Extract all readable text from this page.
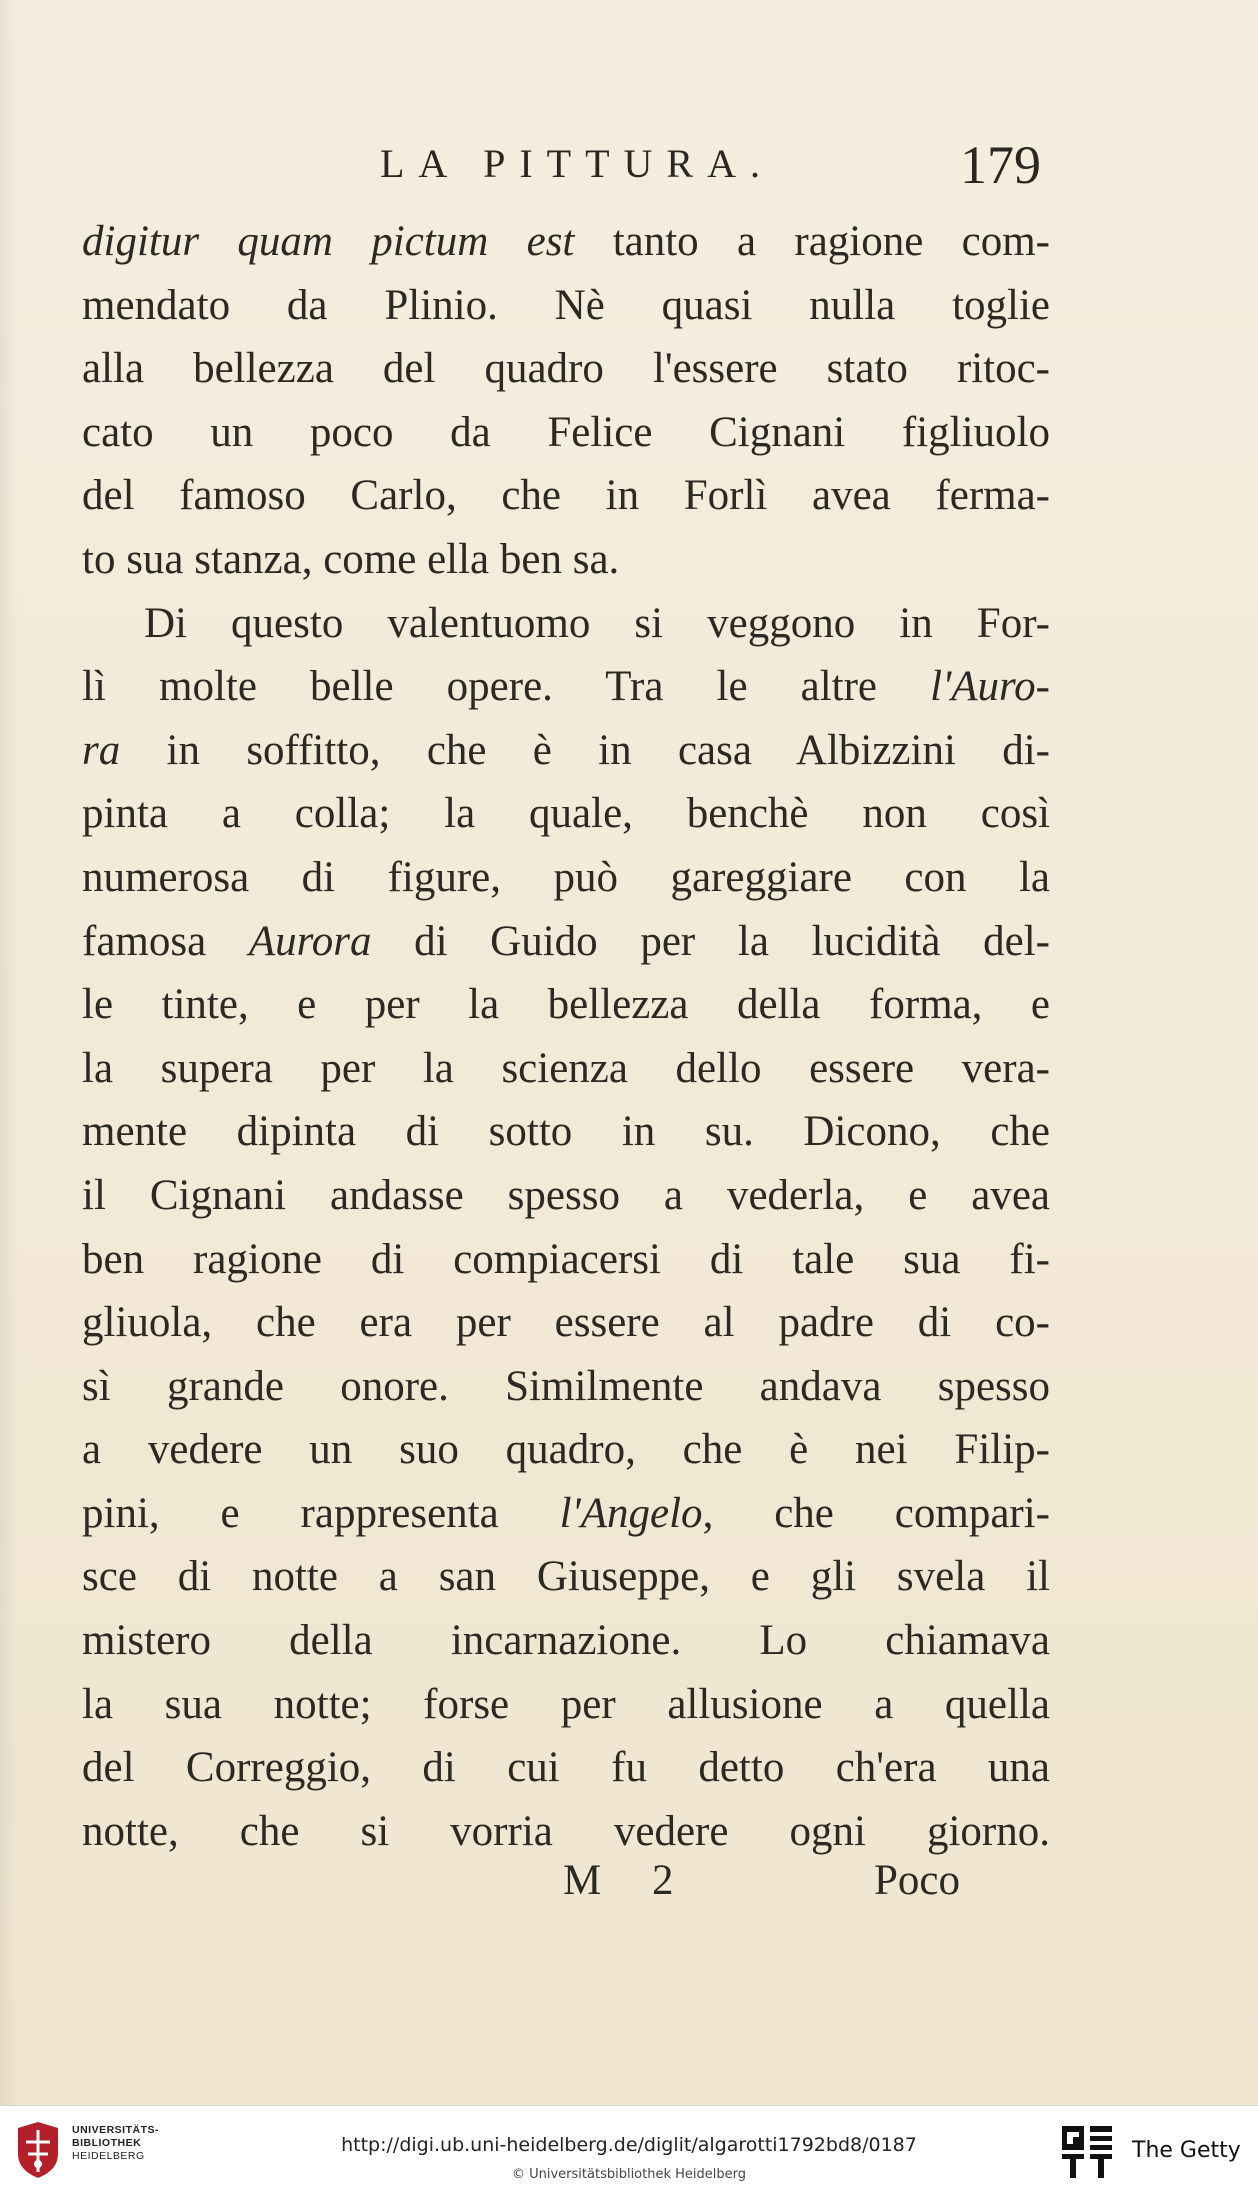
LA PITTURA.	179
digitur quam pictum est tanto a ragione com-
mendato da Plinio. Nè quasi nulla toglie
alla bellezza del quadro l'essere stato ritoc-
cato un poco da Felice Cignani figliuolo
del famoso Carlo, che in Forlì avea ferma-
to sua stanza, come ella ben sa.
Di questo valentuomo si veggono in For-
lì molte belle opere. Tra le altre l'Auro-
ra in soffitto, che è in casa Albizzini di-
pinta a colla; la quale, benchè non così
numerosa di figure, può gareggiare con la
famosa Aurora di Guido per la lucidità del-
le tinte, e per la bellezza della forma, e
la supera per la scienza dello essere vera-
mente dipinta di sotto in su. Dicono, che
il Cignani andasse spesso a vederla, e avea
ben ragione di compiacersi di tale sua fi-
gliuola, che era per essere al padre di co-
sì grande onore. Similmente andava spesso
a vedere un suo quadro, che è nei Filip-
pini, e rappresenta l'Angelo, che compari-
sce di notte a san Giuseppe, e gli svela il
mistero della incarnazione. Lo chiamava
la sua notte; forse per allusione a quella
del Correggio, di cui fu detto ch'era una
notte, che si vorria vedere ogni giorno.
M 2	Poco
UNIVERSITÄTS-
BIBLIOTHEK
HEIDELBERG	http://digi.ub.uni-heidelberg.de/diglit/algarotti1792bd8/0187
© Universitätsbibliothek Heidelberg
The Getty
